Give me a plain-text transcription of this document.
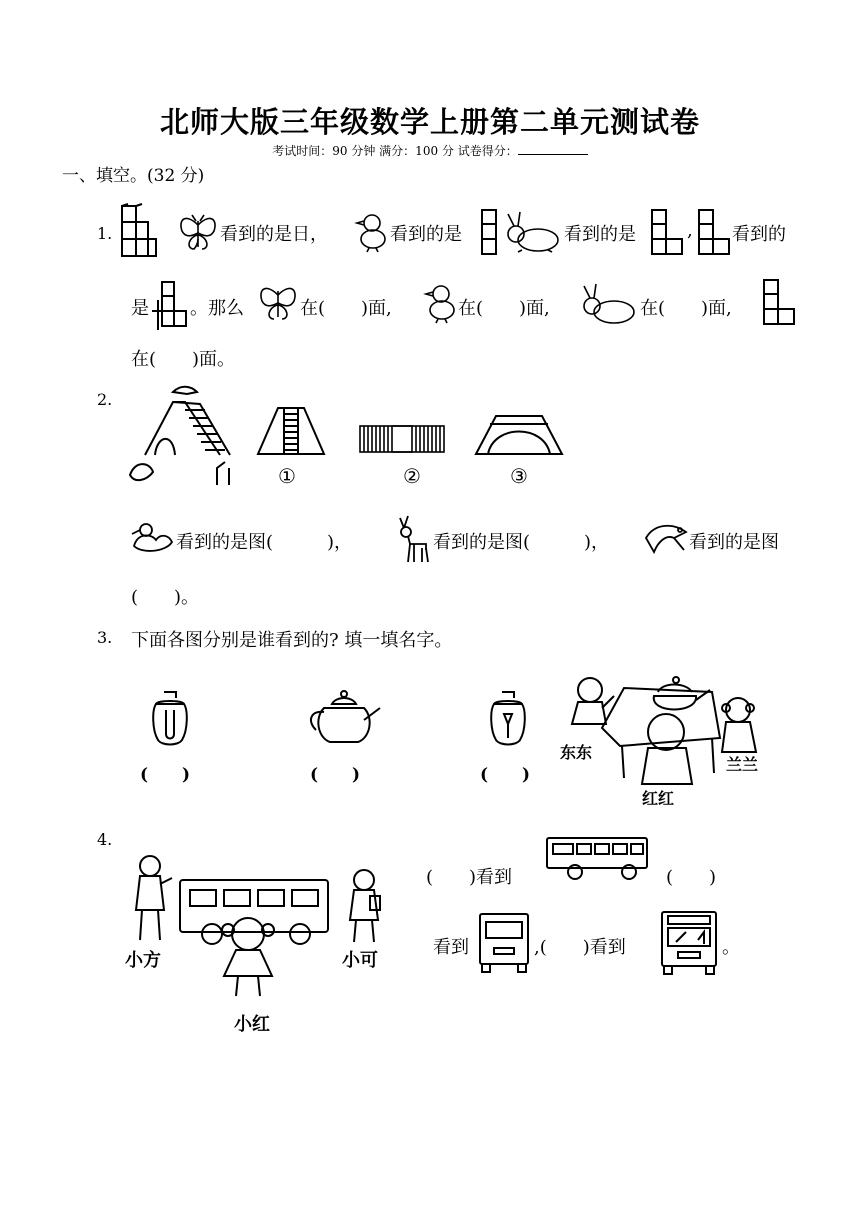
北师大版三年级数学上册第二单元测试卷
考试时间：90 分钟 满分：100 分 试卷得分：
一、填空。(32 分)
1.	看到的是日，	看到的是	看到的是	, 看到的
是 。那么	在(　　)面,	在(　　)面,	在(　　)面,
在(　　)面。
2.
①	②	③
看到的是图(　　　)，	看到的是图(　　　)，	看到的是图
(　　)。
3. 下面各图分别是谁看到的? 填一填名字。
(　　)	(　　)	(　　)
东东
兰兰
红红
4.
小方	小可
小红
(　　)看到	(　　)
看到	,(　　)看到	。
